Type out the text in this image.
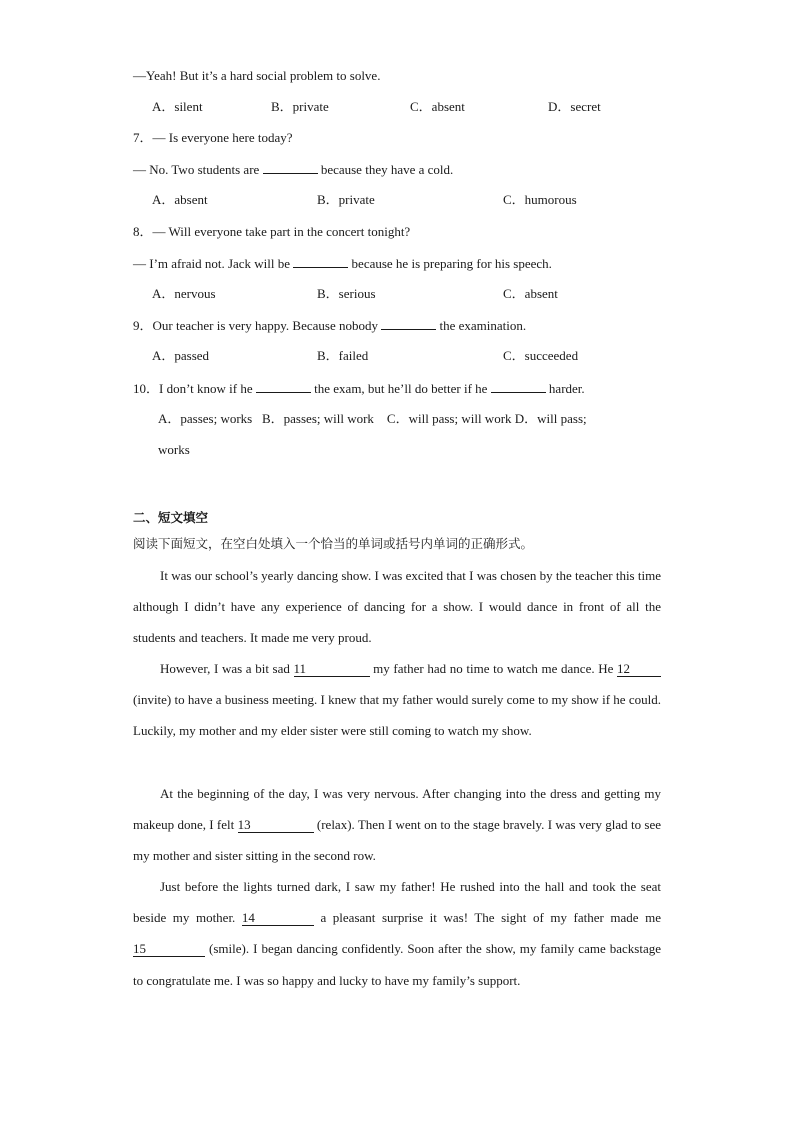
—Yeah! But it’s a hard social problem to solve.
A．silent	B．private	C．absent	D．secret
7．— Is everyone here today?
— No. Two students are	because they have a cold.
A．absent	B．private	C．humorous
8．— Will everyone take part in the concert tonight?
— I’m afraid not. Jack will be	because he is preparing for his speech.
A．nervous	B．serious	C．absent
9．Our teacher is very happy. Because nobody	the examination.
A．passed	B．failed	C．succeeded
10．I don’t know if he	the exam, but he’ll do better if he	harder.
A．passes; works   B．passes; will work    C．will pass; will work D．will pass;
works
二、短文填空
阅读下面短文，在空白处填入一个恰当的单词或括号内单词的正确形式。
It was our school’s yearly dancing show. I was excited that I was chosen by the teacher this time although I didn’t have any experience of dancing for a show. I would dance in front of all the students and teachers. It made me very proud.
However, I was a bit sad 11	my father had no time to watch me dance. He 12 (invite) to have a business meeting. I knew that my father would surely come to my show if he could. Luckily, my mother and my elder sister were still coming to watch my show.
At the beginning of the day, I was very nervous. After changing into the dress and getting my makeup done, I felt 13	(relax). Then I went on to the stage bravely. I was very glad to see my mother and sister sitting in the second row.
Just before the lights turned dark, I saw my father! He rushed into the hall and took the seat beside my mother. 14	a pleasant surprise it was! The sight of my father made me 15	(smile). I began dancing confidently. Soon after the show, my family came backstage to congratulate me. I was so happy and lucky to have my family’s support.
